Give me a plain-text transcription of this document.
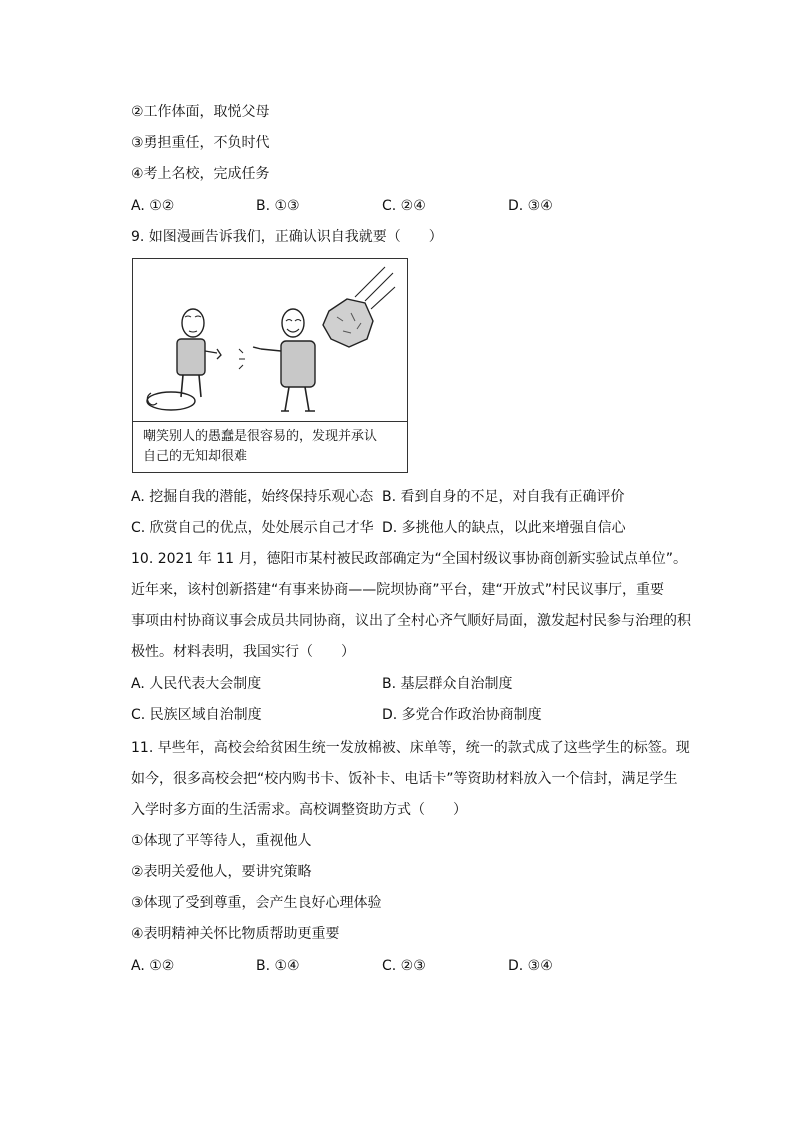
②工作体面，取悦父母
③勇担重任，不负时代
④考上名校，完成任务
A. ①②	B. ①③	C. ②④	D. ③④
9. 如图漫画告诉我们，正确认识自我就要（　　）
嘲笑别人的愚蠢是很容易的，发现并承认
自己的无知却很难
A. 挖掘自我的潜能，始终保持乐观心态 B. 看到自身的不足，对自我有正确评价
C. 欣赏自己的优点，处处展示自己才华 D. 多挑他人的缺点，以此来增强自信心
10. 2021 年 11 月，德阳市某村被民政部确定为“全国村级议事协商创新实验试点单位”。
近年来，该村创新搭建“有事来协商——院坝协商”平台，建“开放式”村民议事厅，重要
事项由村协商议事会成员共同协商，议出了全村心齐气顺好局面，激发起村民参与治理的积
极性。材料表明，我国实行（　　）
A. 人民代表大会制度	B. 基层群众自治制度
C. 民族区域自治制度	D. 多党合作政治协商制度
11. 早些年，高校会给贫困生统一发放棉被、床单等，统一的款式成了这些学生的标签。现
如今，很多高校会把“校内购书卡、饭补卡、电话卡”等资助材料放入一个信封，满足学生
入学时多方面的生活需求。高校调整资助方式（　　）
①体现了平等待人，重视他人
②表明关爱他人，要讲究策略
③体现了受到尊重，会产生良好心理体验
④表明精神关怀比物质帮助更重要
A. ①②	B. ①④	C. ②③	D. ③④
